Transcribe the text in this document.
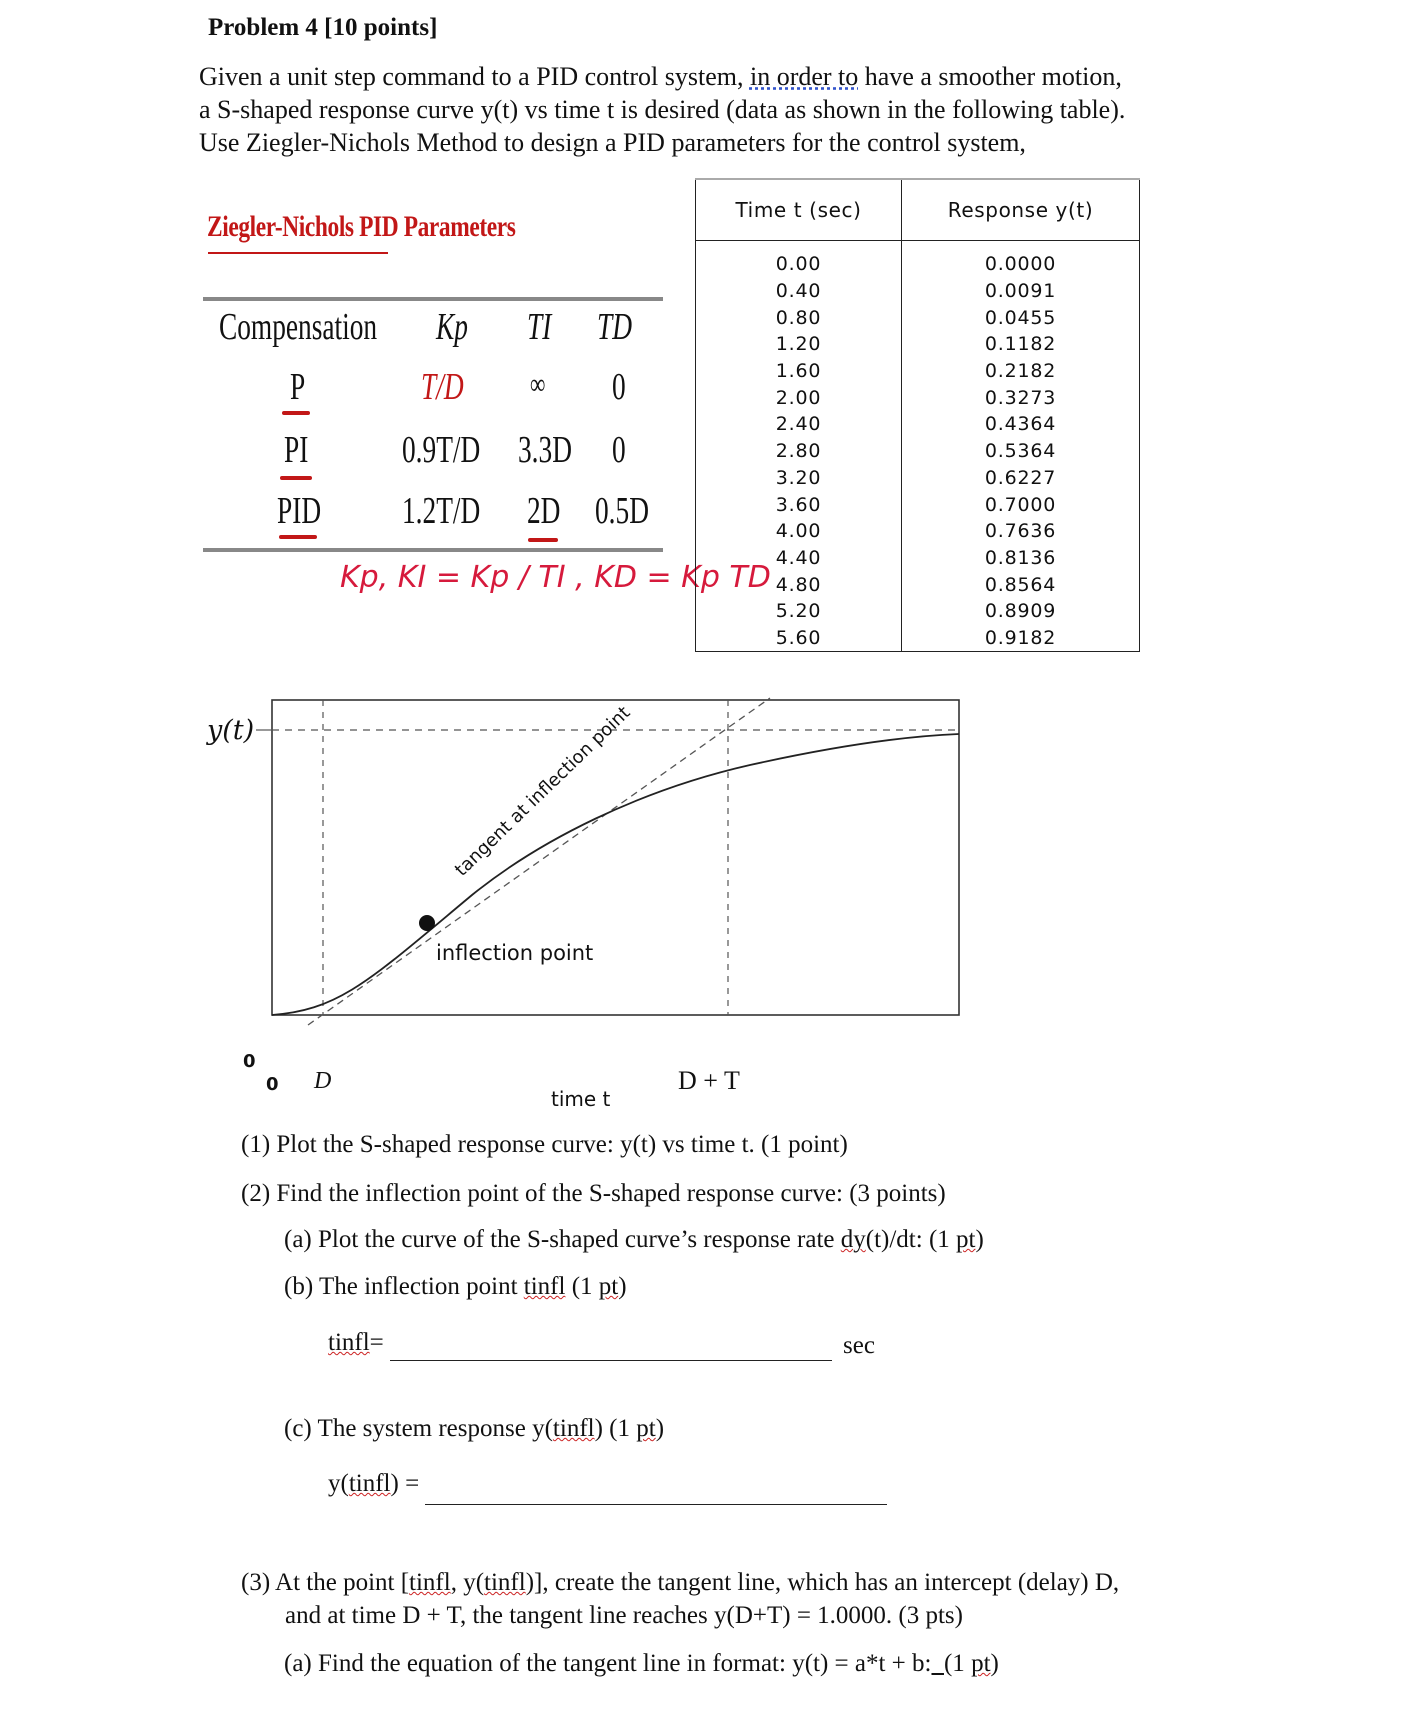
Problem 4 [10 points]
Given a unit step command to a PID control system, in order to have a smoother motion,
a S-shaped response curve y(t) vs time t is desired (data as shown in the following table).
Use Ziegler-Nichols Method to design a PID parameters for the control system,
Ziegler-Nichols PID Parameters
Compensation Kp TI TD
P	T/D ∞ 0
PI 0.9T/D 3.3D 0
PID 1.2T/D 2D 0.5D
Kp, KI = Kp / TI , KD = Kp TD
Time t (sec)	Response y(t)
0.00	0.0000
0.40	0.0091
0.80	0.0455
1.20	0.1182
1.60	0.2182
2.00	0.3273
2.40	0.4364
2.80	0.5364
3.20	0.6227
3.60	0.7000
4.00	0.7636
4.40	0.8136
4.80	0.8564
5.20	0.8909
5.60	0.9182
tangent at inflection point
inflection point
y(t)
0
0 D	D + T
time t
(1) Plot the S-shaped response curve: y(t) vs time t. (1 point)
(2) Find the inflection point of the S-shaped response curve: (3 points)
(a) Plot the curve of the S-shaped curve’s response rate dy(t)/dt: (1 pt)
(b) The inflection point tinfl (1 pt)
tinfl=	sec
(c) The system response y(tinfl) (1 pt)
y(tinfl) =
(3) At the point [tinfl, y(tinfl)], create the tangent line, which has an intercept (delay) D,
and at time D + T, the tangent line reaches y(D+T) = 1.0000. (3 pts)
(a) Find the equation of the tangent line in format: y(t) = a*t + b: (1 pt)
